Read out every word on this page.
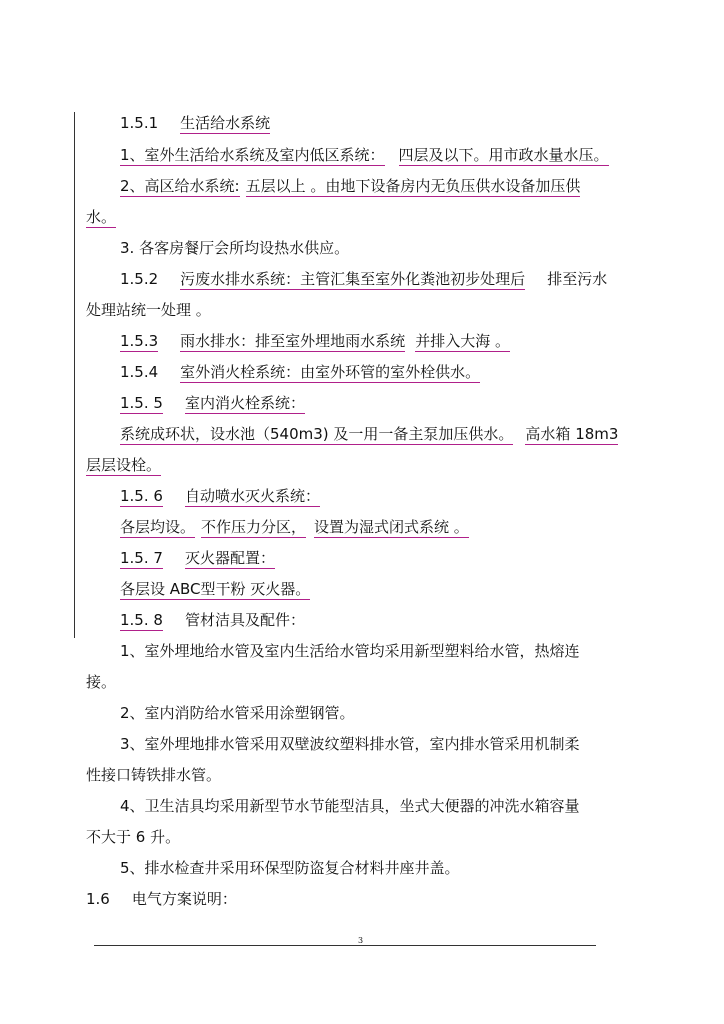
1.5.1 生活给水系统
1、室外生活给水系统及室内低区系统： 四层及以下。用市政水量水压。
2、高区给水系统: 五层以上 。由地下设备房内无负压供水设备加压供
水。
3. 各客房餐厅会所均设热水供应。
1.5.2 污废水排水系统：主管汇集至室外化粪池初步处理后 排至污水
处理站统一处理 。
1.5.3 雨水排水：排至室外埋地雨水系统 并排入大海 。
1.5.4 室外消火栓系统：由室外环管的室外栓供水。
1.5. 5 室内消火栓系统：
系统成环状，设水池（540m3) 及一用一备主泵加压供水。 高水箱 18m3
层层设栓。
1.5. 6 自动喷水灭火系统：
各层均设。 不作压力分区， 设置为湿式闭式系统 。
1.5. 7 灭火器配置：
各层设 ABC型干粉 灭火器。
1.5. 8 管材洁具及配件：
1、室外埋地给水管及室内生活给水管均采用新型塑料给水管，热熔连
接。
2、室内消防给水管采用涂塑钢管。
3、室外埋地排水管采用双壁波纹塑料排水管，室内排水管采用机制柔
性接口铸铁排水管。
4、卫生洁具均采用新型节水节能型洁具，坐式大便器的冲洗水箱容量
不大于 6 升。
5、排水检查井采用环保型防盗复合材料井座井盖。
1.6 电气方案说明：
3
